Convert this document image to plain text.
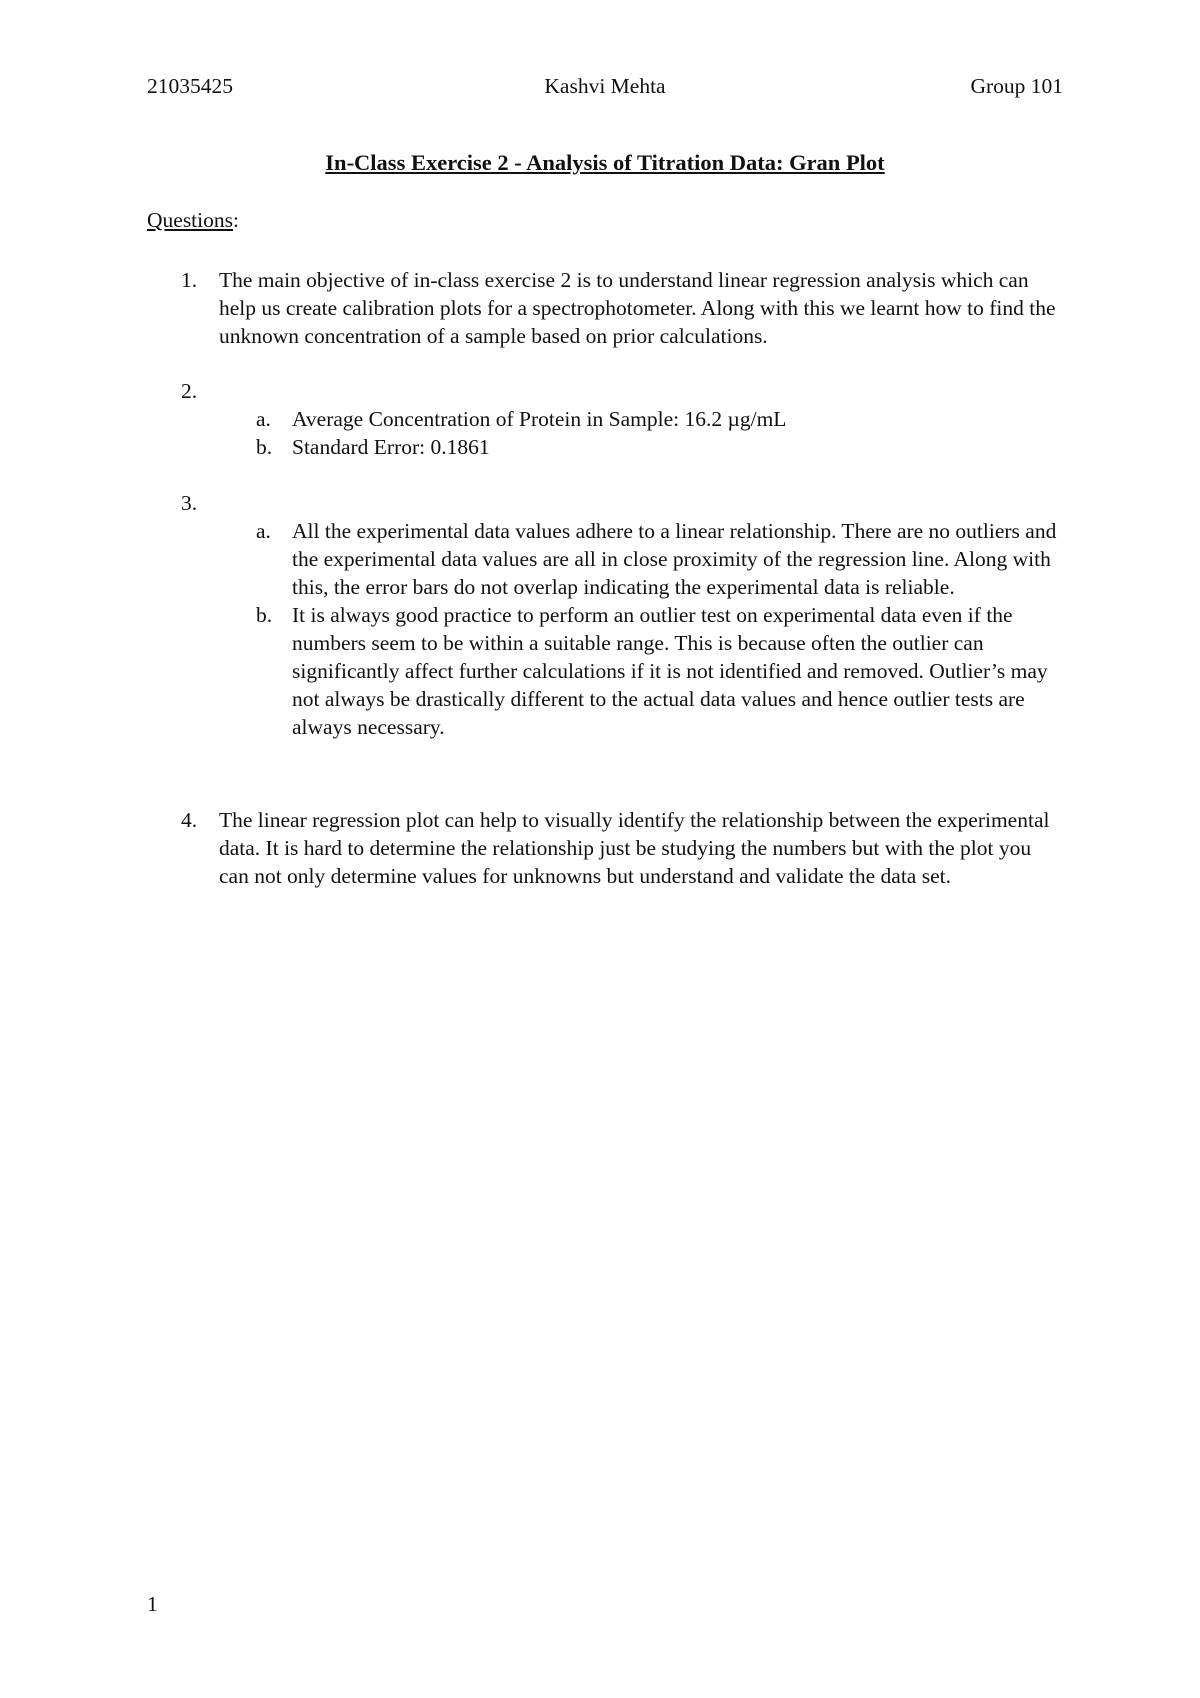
21035425	Kashvi Mehta	Group 101
In-Class Exercise 2 - Analysis of Titration Data: Gran Plot
Questions:
1. The main objective of in-class exercise 2 is to understand linear regression analysis which can help us create calibration plots for a spectrophotometer. Along with this we learnt how to find the unknown concentration of a sample based on prior calculations.
2.
a. Average Concentration of Protein in Sample: 16.2 µg/mL
b. Standard Error: 0.1861
3.
a. All the experimental data values adhere to a linear relationship. There are no outliers and the experimental data values are all in close proximity of the regression line. Along with this, the error bars do not overlap indicating the experimental data is reliable.
b. It is always good practice to perform an outlier test on experimental data even if the numbers seem to be within a suitable range. This is because often the outlier can significantly affect further calculations if it is not identified and removed. Outlier’s may not always be drastically different to the actual data values and hence outlier tests are always necessary.
4. The linear regression plot can help to visually identify the relationship between the experimental data. It is hard to determine the relationship just be studying the numbers but with the plot you can not only determine values for unknowns but understand and validate the data set.
1
